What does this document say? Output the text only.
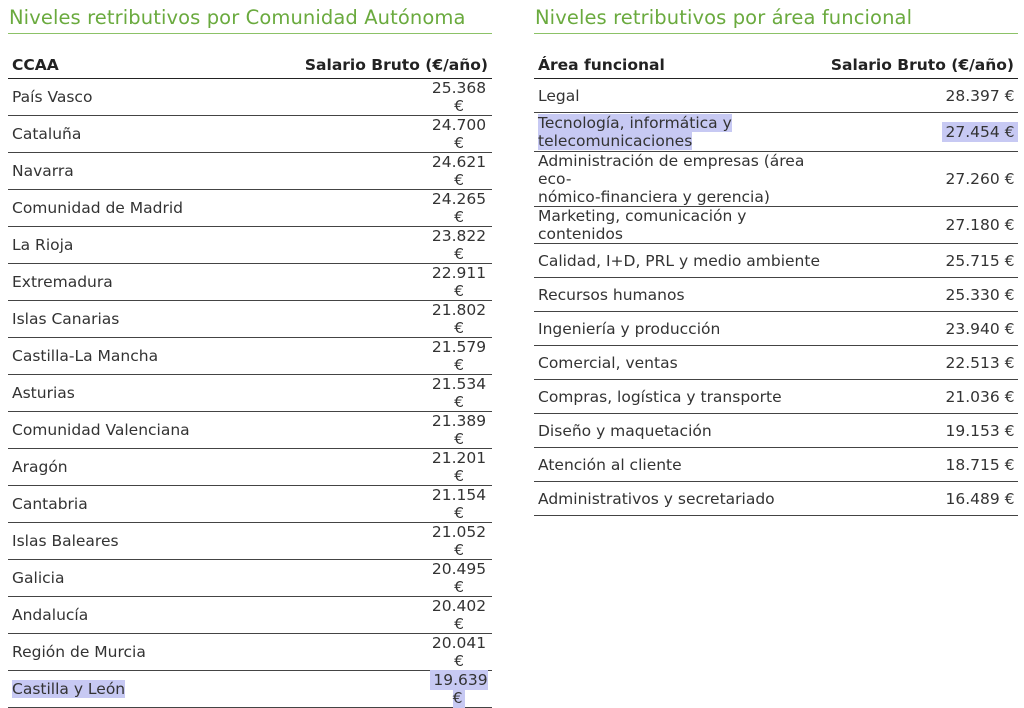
Niveles retributivos por Comunidad Autónoma
CCAA	Salario Bruto (€/año)
País Vasco	25.368 €
Cataluña	24.700 €
Navarra	24.621 €
Comunidad de Madrid	24.265 €
La Rioja	23.822 €
Extremadura	22.911 €
Islas Canarias	21.802 €
Castilla-La Mancha	21.579 €
Asturias	21.534 €
Comunidad Valenciana	21.389 €
Aragón	21.201 €
Cantabria	21.154 €
Islas Baleares	21.052 €
Galicia	20.495 €
Andalucía	20.402 €
Región de Murcia	20.041 €
Castilla y León	19.639 €
Niveles retributivos por área funcional
Área funcional	Salario Bruto (€/año)
Legal	28.397 €
Tecnología, informática y
telecomunicaciones	27.454 €
Administración de empresas (área eco-
nómico-financiera y gerencia)	27.260 €
Marketing, comunicación y contenidos	27.180 €
Calidad, I+D, PRL y medio ambiente	25.715 €
Recursos humanos	25.330 €
Ingeniería y producción	23.940 €
Comercial, ventas	22.513 €
Compras, logística y transporte	21.036 €
Diseño y maquetación	19.153 €
Atención al cliente	18.715 €
Administrativos y secretariado	16.489 €
